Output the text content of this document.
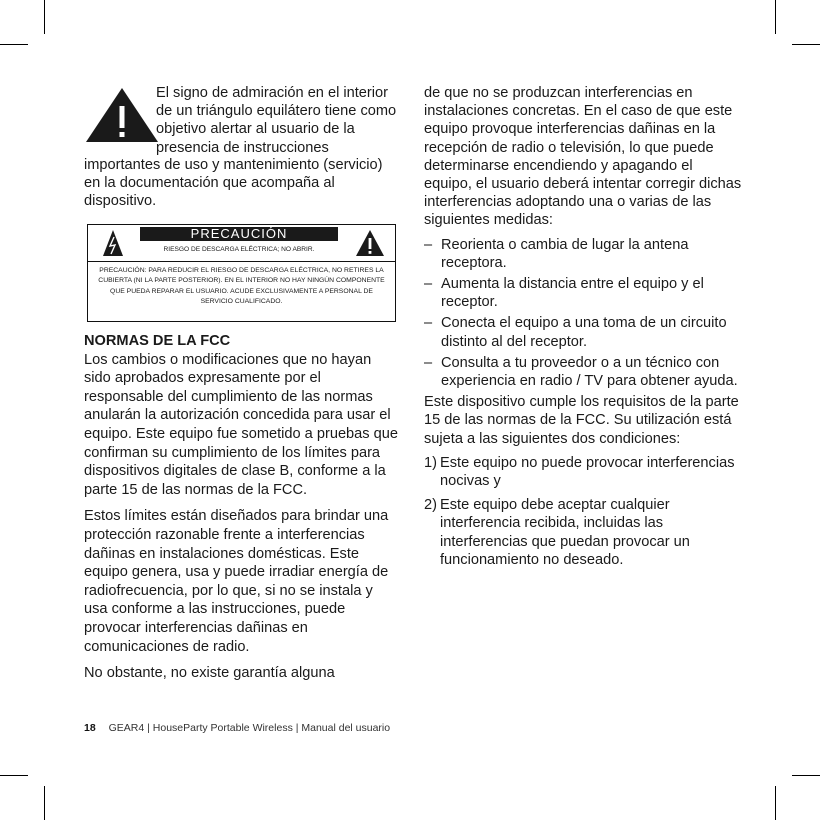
El signo de admiración en el interior de un triángulo equilátero tiene como objetivo alertar al usuario de la presencia de instrucciones

importantes de uso y mantenimiento (servicio) en la documentación que acompaña al dispositivo.

PRECAUCIÓN
RIESGO DE DESCARGA ELÉCTRICA; NO ABRIR.
PRECAUCIÓN: PARA REDUCIR EL RIESGO DE DESCARGA ELÉCTRICA, NO RETIRES LA CUBIERTA (NI LA PARTE POSTERIOR). EN EL INTERIOR NO HAY NINGÚN COMPONENTE QUE PUEDA REPARAR EL USUARIO. ACUDE EXCLUSIVAMENTE A PERSONAL DE SERVICIO CUALIFICADO.
NORMAS DE LA FCC

Los cambios o modificaciones que no hayan sido aprobados expresamente por el responsable del cumplimiento de las normas anularán la autorización concedida para usar el equipo. Este equipo fue sometido a pruebas que confirman su cumplimiento de los límites para dispositivos digitales de clase B, conforme a la parte 15 de las normas de la FCC.

Estos límites están diseñados para brindar una protección razonable frente a interferencias dañinas en instalaciones domésticas. Este equipo genera, usa y puede irradiar energía de radiofrecuencia, por lo que, si no se instala y usa conforme a las instrucciones, puede provocar interferencias dañinas en comunicaciones de radio.

No obstante, no existe garantía alguna

de que no se produzcan interferencias en instalaciones concretas. En el caso de que este equipo provoque interferencias dañinas en la recepción de radio o televisión, lo que puede determinarse encendiendo y apagando el equipo, el usuario deberá intentar corregir dichas interferencias adoptando una o varias de las siguientes medidas:

– Reorienta o cambia de lugar la antena receptora.
– Aumenta la distancia entre el equipo y el receptor.
– Conecta el equipo a una toma de un circuito distinto al del receptor.
– Consulta a tu proveedor o a un técnico con experiencia en radio / TV para obtener ayuda.

Este dispositivo cumple los requisitos de la parte 15 de las normas de la FCC. Su utilización está sujeta a las siguientes dos condiciones:

1) Este equipo no puede provocar interferencias nocivas y
2) Este equipo debe aceptar cualquier interferencia recibida, incluidas las interferencias que puedan provocar un funcionamiento no deseado.
18 GEAR4 | HouseParty Portable Wireless | Manual del usuario
